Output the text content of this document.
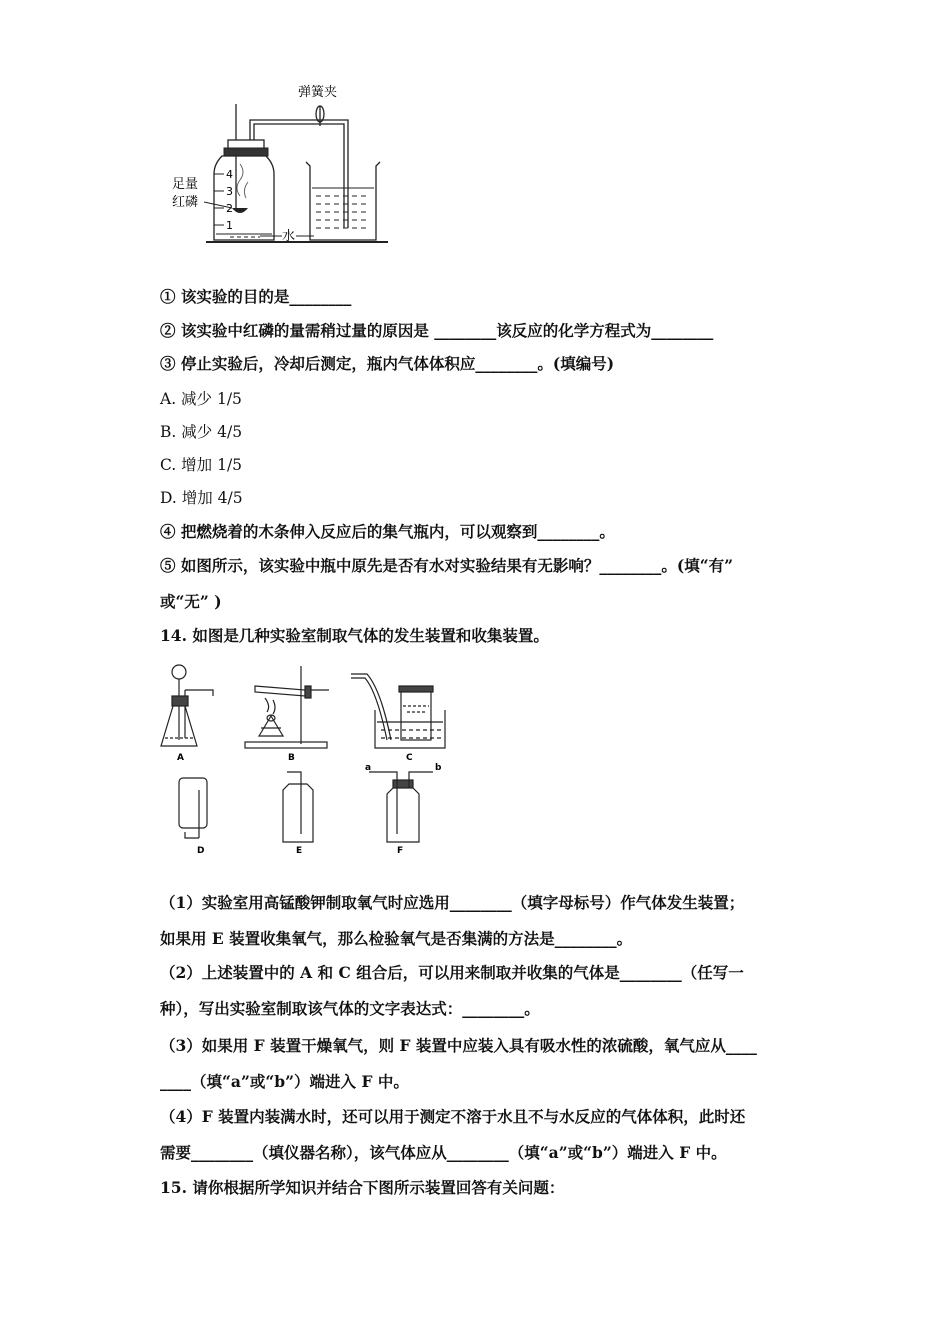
弹簧夹
4
3
2
1
足量
红磷
水
① 该实验的目的是________
② 该实验中红磷的量需稍过量的原因是 ________该反应的化学方程式为________
③ 停止实验后，冷却后测定，瓶内气体体积应________。(填编号)
A. 减少 1/5
B. 减少 4/5
C. 增加 1/5
D. 增加 4/5
④ 把燃烧着的木条伸入反应后的集气瓶内，可以观察到________。
⑤ 如图所示，该实验中瓶中原先是否有水对实验结果有无影响？________。(填“有”
或“无” )
14. 如图是几种实验室制取气体的发生装置和收集装置。
A	B	C
D	E
a	b
F
（1）实验室用高锰酸钾制取氧气时应选用________（填字母标号）作气体发生装置；
如果用 E 装置收集氧气，那么检验氧气是否集满的方法是________。
（2）上述装置中的 A 和 C 组合后，可以用来制取并收集的气体是________（任写一
种），写出实验室制取该气体的文字表达式：________。
（3）如果用 F 装置干燥氧气，则 F 装置中应装入具有吸水性的浓硫酸，氧气应从____
____（填“a”或“b”）端进入 F 中。
（4）F 装置内装满水时，还可以用于测定不溶于水且不与水反应的气体体积，此时还
需要________（填仪器名称），该气体应从________（填“a”或“b”）端进入 F 中。
15. 请你根据所学知识并结合下图所示装置回答有关问题：
